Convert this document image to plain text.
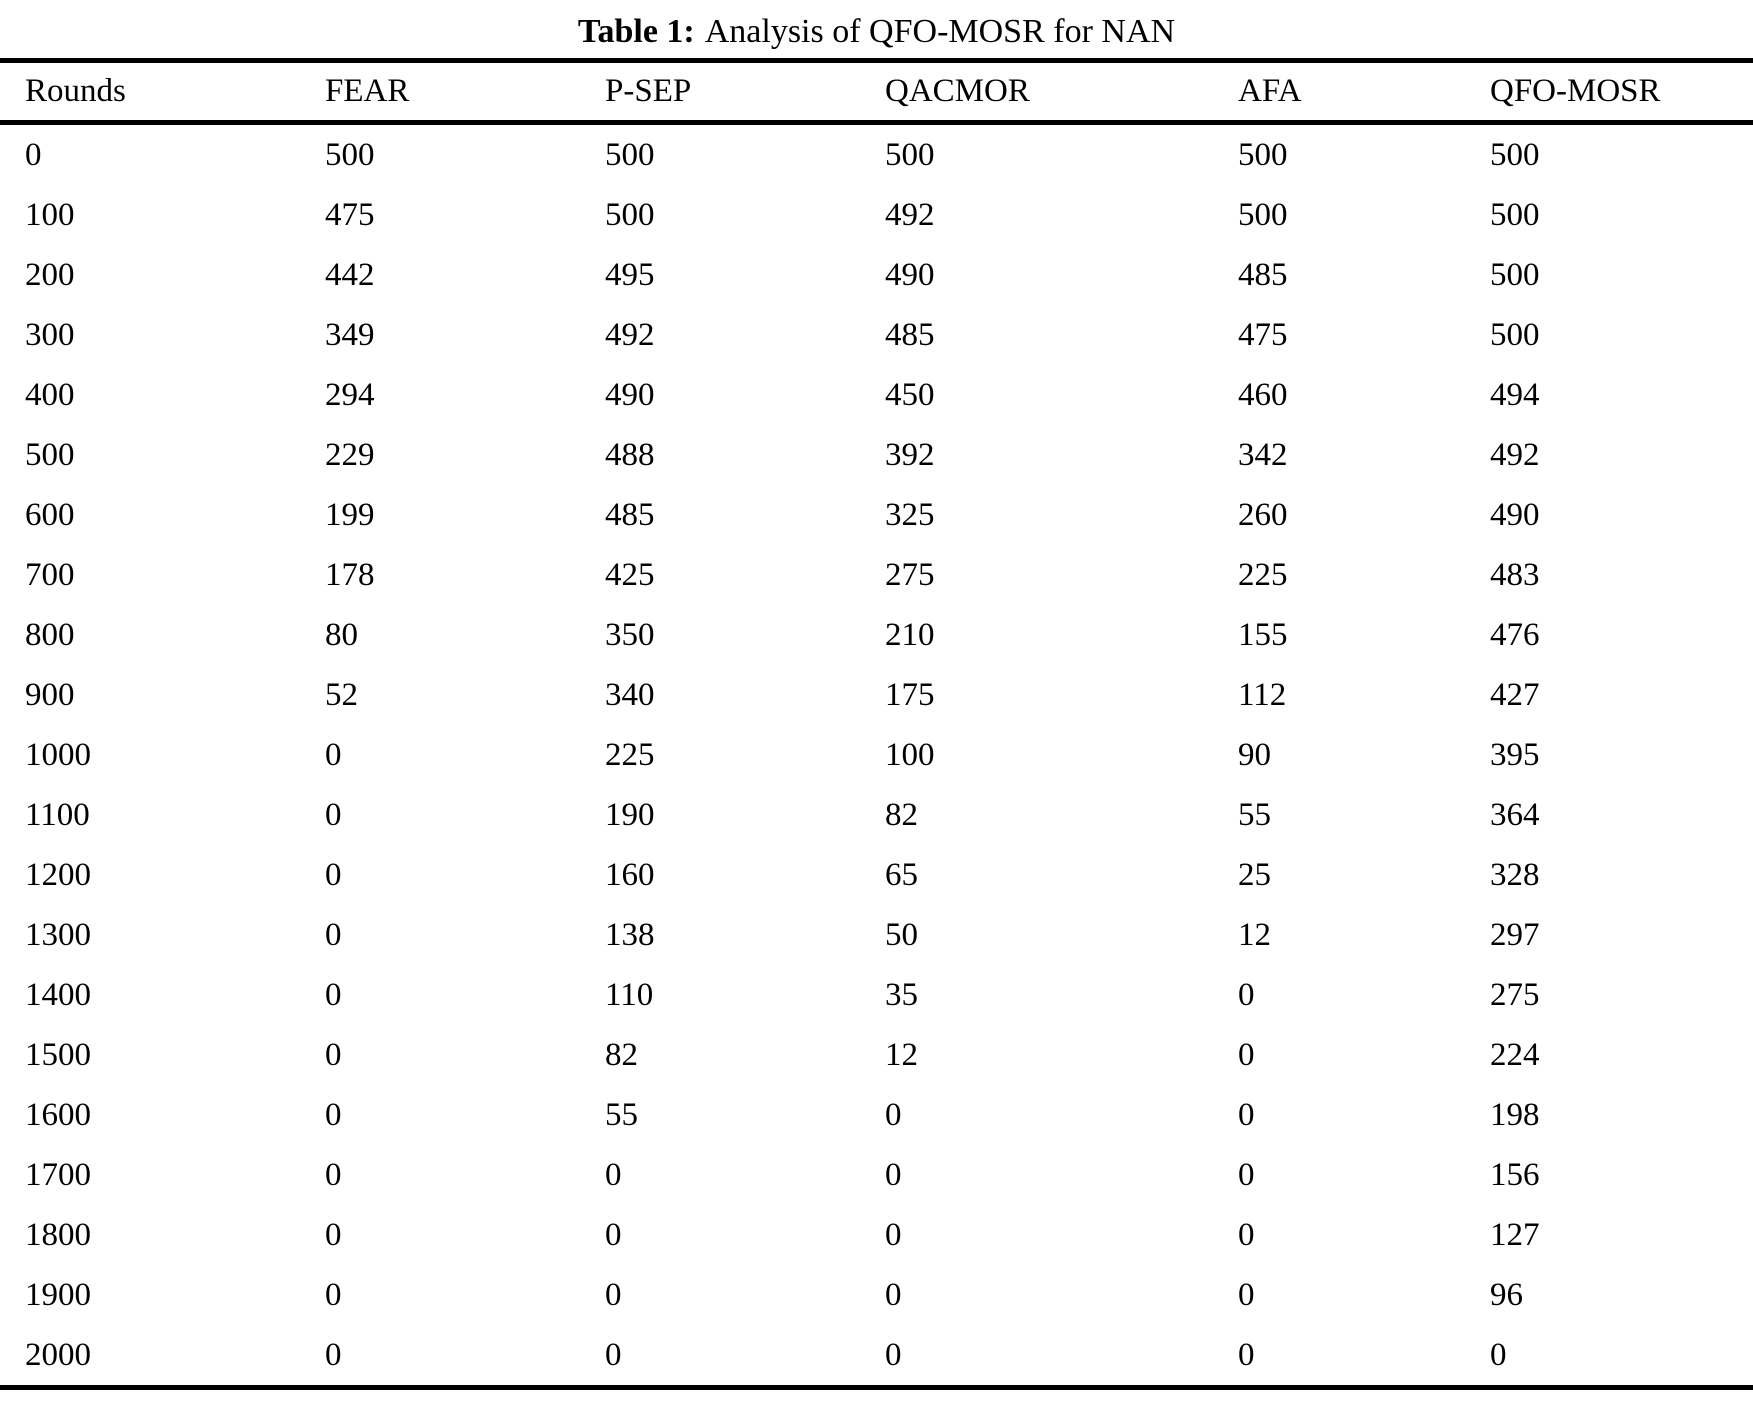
Table 1: Analysis of QFO-MOSR for NAN
Rounds	FEAR	P-SEP	QACMOR	AFA	QFO-MOSR
0	500	500	500	500	500
100	475	500	492	500	500
200	442	495	490	485	500
300	349	492	485	475	500
400	294	490	450	460	494
500	229	488	392	342	492
600	199	485	325	260	490
700	178	425	275	225	483
800	80	350	210	155	476
900	52	340	175	112	427
1000	0	225	100	90	395
1100	0	190	82	55	364
1200	0	160	65	25	328
1300	0	138	50	12	297
1400	0	110	35	0	275
1500	0	82	12	0	224
1600	0	55	0	0	198
1700	0	0	0	0	156
1800	0	0	0	0	127
1900	0	0	0	0	96
2000	0	0	0	0	0
